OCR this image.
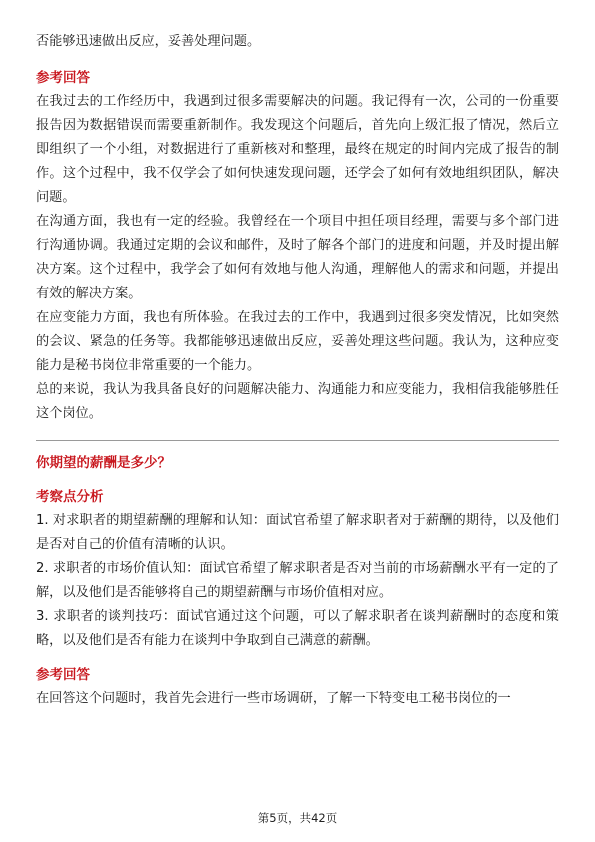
否能够迅速做出反应，妥善处理问题。

参考回答

在我过去的工作经历中，我遇到过很多需要解决的问题。我记得有一次，公司的一份重要报告因为数据错误而需要重新制作。我发现这个问题后，首先向上级汇报了情况，然后立即组织了一个小组，对数据进行了重新核对和整理，最终在规定的时间内完成了报告的制作。这个过程中，我不仅学会了如何快速发现问题，还学会了如何有效地组织团队，解决问题。

在沟通方面，我也有一定的经验。我曾经在一个项目中担任项目经理，需要与多个部门进行沟通协调。我通过定期的会议和邮件，及时了解各个部门的进度和问题，并及时提出解决方案。这个过程中，我学会了如何有效地与他人沟通，理解他人的需求和问题，并提出有效的解决方案。

在应变能力方面，我也有所体验。在我过去的工作中，我遇到过很多突发情况，比如突然的会议、紧急的任务等。我都能够迅速做出反应，妥善处理这些问题。我认为，这种应变能力是秘书岗位非常重要的一个能力。

总的来说，我认为我具备良好的问题解决能力、沟通能力和应变能力，我相信我能够胜任这个岗位。

你期望的薪酬是多少？

考察点分析

1. 对求职者的期望薪酬的理解和认知：面试官希望了解求职者对于薪酬的期待，以及他们是否对自己的价值有清晰的认识。

2. 求职者的市场价值认知：面试官希望了解求职者是否对当前的市场薪酬水平有一定的了解，以及他们是否能够将自己的期望薪酬与市场价值相对应。

3. 求职者的谈判技巧：面试官通过这个问题，可以了解求职者在谈判薪酬时的态度和策略，以及他们是否有能力在谈判中争取到自己满意的薪酬。

参考回答

在回答这个问题时，我首先会进行一些市场调研，了解一下特变电工秘书岗位的一

第5页，共42页
